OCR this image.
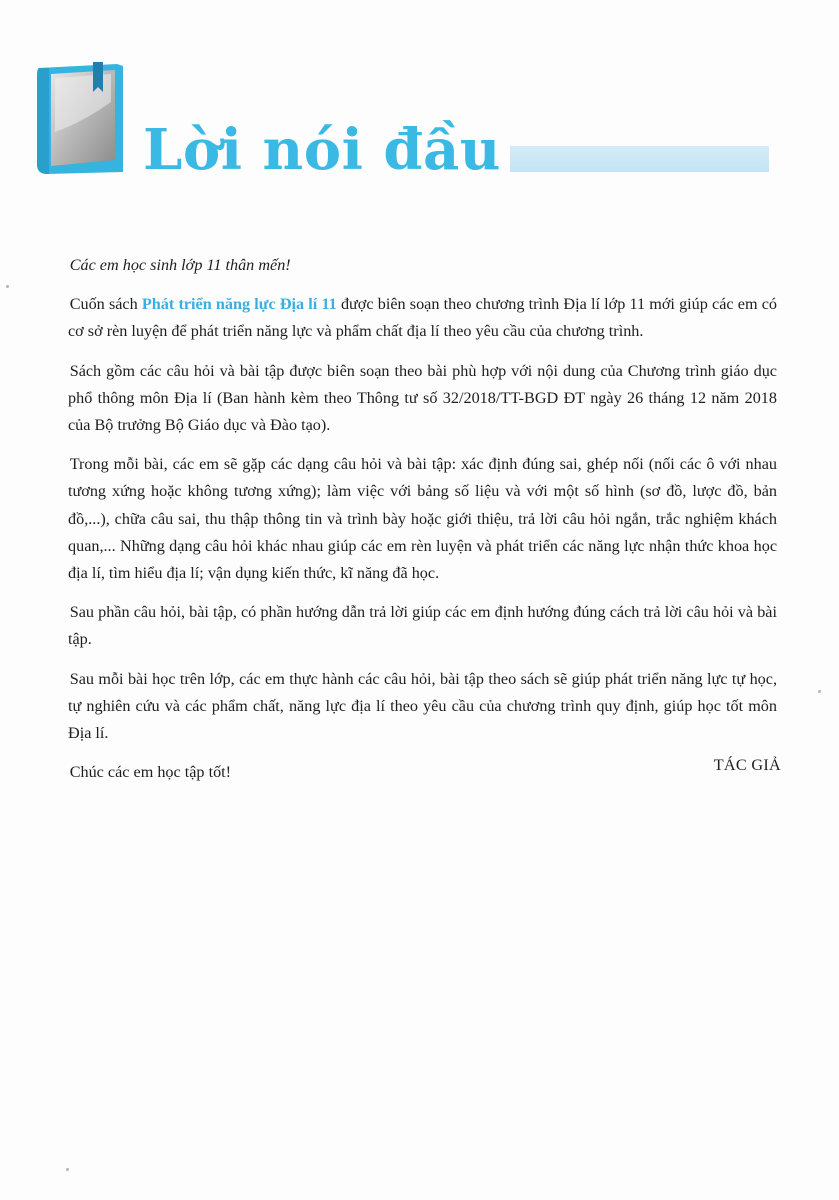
Lời nói đầu

Các em học sinh lớp 11 thân mến!

Cuốn sách Phát triển năng lực Địa lí 11 được biên soạn theo chương trình Địa lí lớp 11 mới giúp các em có cơ sở rèn luyện để phát triển năng lực và phẩm chất địa lí theo yêu cầu của chương trình.

Sách gồm các câu hỏi và bài tập được biên soạn theo bài phù hợp với nội dung của Chương trình giáo dục phổ thông môn Địa lí (Ban hành kèm theo Thông tư số 32/2018/TT-BGD ĐT ngày 26 tháng 12 năm 2018 của Bộ trưởng Bộ Giáo dục và Đào tạo).

Trong mỗi bài, các em sẽ gặp các dạng câu hỏi và bài tập: xác định đúng sai, ghép nối (nối các ô với nhau tương xứng hoặc không tương xứng); làm việc với bảng số liệu và với một số hình (sơ đồ, lược đồ, bản đồ,...), chữa câu sai, thu thập thông tin và trình bày hoặc giới thiệu, trả lời câu hỏi ngắn, trắc nghiệm khách quan,... Những dạng câu hỏi khác nhau giúp các em rèn luyện và phát triển các năng lực nhận thức khoa học địa lí, tìm hiểu địa lí; vận dụng kiến thức, kĩ năng đã học.

Sau phần câu hỏi, bài tập, có phần hướng dẫn trả lời giúp các em định hướng đúng cách trả lời câu hỏi và bài tập.

Sau mỗi bài học trên lớp, các em thực hành các câu hỏi, bài tập theo sách sẽ giúp phát triển năng lực tự học, tự nghiên cứu và các phẩm chất, năng lực địa lí theo yêu cầu của chương trình quy định, giúp học tốt môn Địa lí.

Chúc các em học tập tốt!	TÁC GIẢ
